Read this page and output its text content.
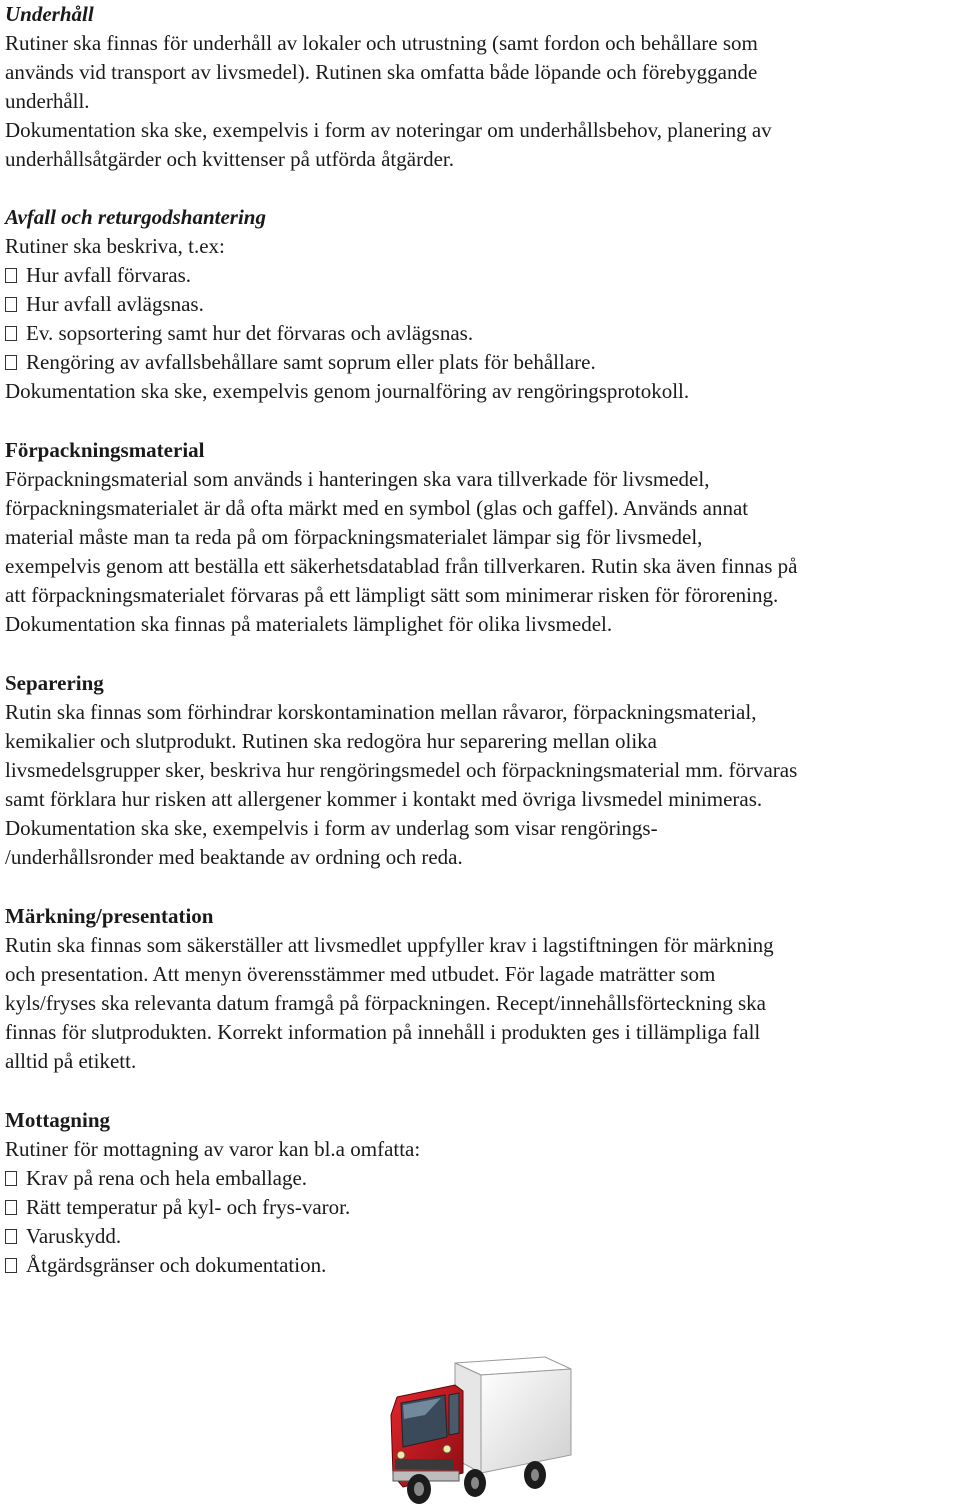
Underhåll
Rutiner ska finnas för underhåll av lokaler och utrustning (samt fordon och behållare som
används vid transport av livsmedel). Rutinen ska omfatta både löpande och förebyggande
underhåll.
Dokumentation ska ske, exempelvis i form av noteringar om underhållsbehov, planering av
underhållsåtgärder och kvittenser på utförda åtgärder.
Avfall och returgodshantering
Rutiner ska beskriva, t.ex:
Hur avfall förvaras.
Hur avfall avlägsnas.
Ev. sopsortering samt hur det förvaras och avlägsnas.
Rengöring av avfallsbehållare samt soprum eller plats för behållare.
Dokumentation ska ske, exempelvis genom journalföring av rengöringsprotokoll.
Förpackningsmaterial
Förpackningsmaterial som används i hanteringen ska vara tillverkade för livsmedel,
förpackningsmaterialet är då ofta märkt med en symbol (glas och gaffel). Används annat
material måste man ta reda på om förpackningsmaterialet lämpar sig för livsmedel,
exempelvis genom att beställa ett säkerhetsdatablad från tillverkaren. Rutin ska även finnas på
att förpackningsmaterialet förvaras på ett lämpligt sätt som minimerar risken för förorening.
Dokumentation ska finnas på materialets lämplighet för olika livsmedel.
Separering
Rutin ska finnas som förhindrar korskontamination mellan råvaror, förpackningsmaterial,
kemikalier och slutprodukt. Rutinen ska redogöra hur separering mellan olika
livsmedelsgrupper sker, beskriva hur rengöringsmedel och förpackningsmaterial mm. förvaras
samt förklara hur risken att allergener kommer i kontakt med övriga livsmedel minimeras.
Dokumentation ska ske, exempelvis i form av underlag som visar rengörings-
/underhållsronder med beaktande av ordning och reda.
Märkning/presentation
Rutin ska finnas som säkerställer att livsmedlet uppfyller krav i lagstiftningen för märkning
och presentation. Att menyn överensstämmer med utbudet. För lagade maträtter som
kyls/fryses ska relevanta datum framgå på förpackningen. Recept/innehållsförteckning ska
finnas för slutprodukten. Korrekt information på innehåll i produkten ges i tillämpliga fall
alltid på etikett.
Mottagning
Rutiner för mottagning av varor kan bl.a omfatta:
Krav på rena och hela emballage.
Rätt temperatur på kyl- och frys-varor.
Varuskydd.
Åtgärdsgränser och dokumentation.
